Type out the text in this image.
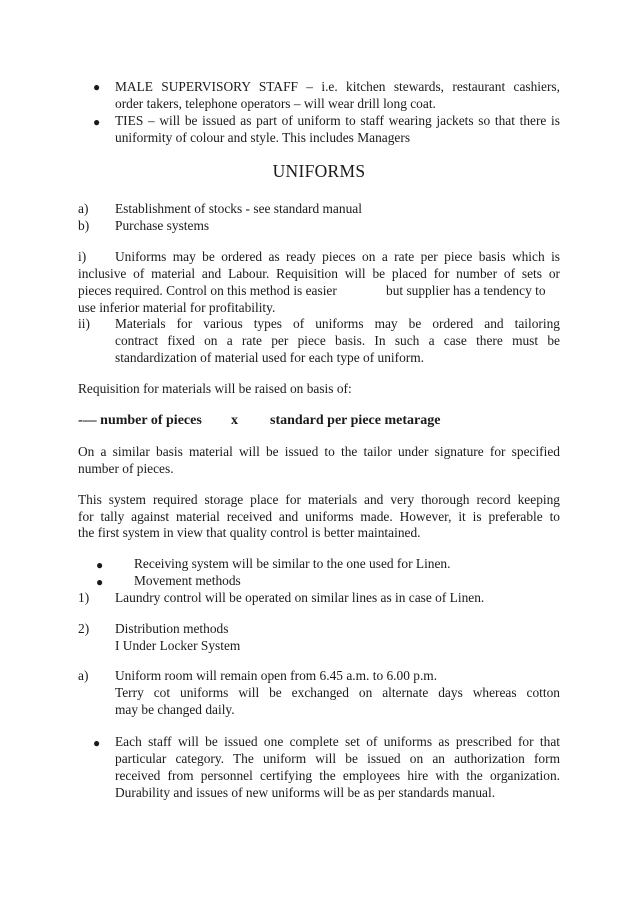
● MALE SUPERVISORY STAFF – i.e. kitchen stewards, restaurant cashiers,
order takers, telephone operators – will wear drill long coat.
● TIES – will be issued as part of uniform to staff wearing jackets so that there is
uniformity of colour and style. This includes Managers
UNIFORMS
a) Establishment of stocks - see standard manual
b) Purchase systems
i) Uniforms may be ordered as ready pieces on a rate per piece basis which is
inclusive of material and Labour. Requisition will be placed for number of sets or
pieces required. Control on this method is easier	but supplier has a tendency to
use inferior material for profitability.
ii) Materials for various types of uniforms may be ordered and tailoring
contract fixed on a rate per piece basis. In such a case there must be
standardization of material used for each type of uniform.
Requisition for materials will be raised on basis of:
-— number of pieces x standard per piece metarage
On a similar basis material will be issued to the tailor under signature for specified
number of pieces.
This system required storage place for materials and very thorough record keeping
for tally against material received and uniforms made. However, it is preferable to
the first system in view that quality control is better maintained.
● Receiving system will be similar to the one used for Linen.
● Movement methods
1) Laundry control will be operated on similar lines as in case of Linen.
2) Distribution methods
I Under Locker System
a) Uniform room will remain open from 6.45 a.m. to 6.00 p.m.
Terry cot uniforms will be exchanged on alternate days whereas cotton
may be changed daily.
● Each staff will be issued one complete set of uniforms as prescribed for that
particular category. The uniform will be issued on an authorization form
received from personnel certifying the employees hire with the organization.
Durability and issues of new uniforms will be as per standards manual.
